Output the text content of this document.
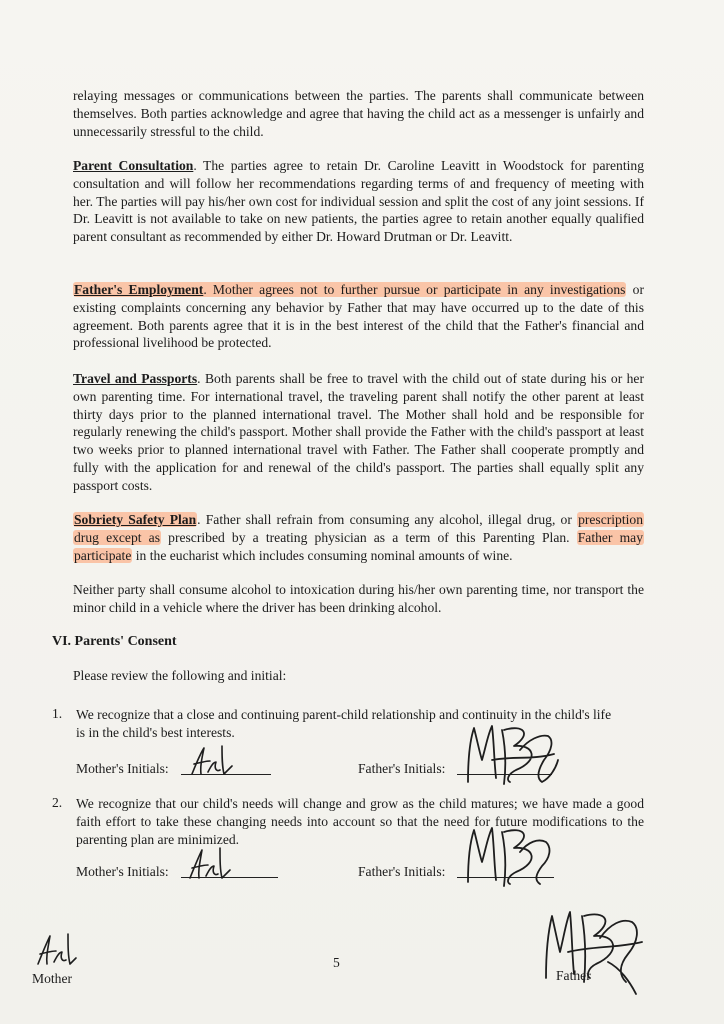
relaying messages or communications between the parties. The parents shall communicate between themselves. Both parties acknowledge and agree that having the child act as a messenger is unfairly and unnecessarily stressful to the child.
Parent Consultation. The parties agree to retain Dr. Caroline Leavitt in Woodstock for parenting consultation and will follow her recommendations regarding terms of and frequency of meeting with her. The parties will pay his/her own cost for individual session and split the cost of any joint sessions. If Dr. Leavitt is not available to take on new patients, the parties agree to retain another equally qualified parent consultant as recommended by either Dr. Howard Drutman or Dr. Leavitt.
Father's Employment. Mother agrees not to further pursue or participate in any investigations or existing complaints concerning any behavior by Father that may have occurred up to the date of this agreement. Both parents agree that it is in the best interest of the child that the Father's financial and professional livelihood be protected.
Travel and Passports. Both parents shall be free to travel with the child out of state during his or her own parenting time. For international travel, the traveling parent shall notify the other parent at least thirty days prior to the planned international travel. The Mother shall hold and be responsible for regularly renewing the child's passport. Mother shall provide the Father with the child's passport at least two weeks prior to planned international travel with Father. The Father shall cooperate promptly and fully with the application for and renewal of the child's passport. The parties shall equally split any passport costs.
Sobriety Safety Plan. Father shall refrain from consuming any alcohol, illegal drug, or prescription drug except as prescribed by a treating physician as a term of this Parenting Plan. Father may participate in the eucharist which includes consuming nominal amounts of wine.
Neither party shall consume alcohol to intoxication during his/her own parenting time, nor transport the minor child in a vehicle where the driver has been drinking alcohol.
VI. Parents' Consent
Please review the following and initial:
1. We recognize that a close and continuing parent-child relationship and continuity in the child's life is in the child's best interests.
Mother's Initials:	Father's Initials:
2. We recognize that our child's needs will change and grow as the child matures; we have made a good faith effort to take these changing needs into account so that the need for future modifications to the parenting plan are minimized.
Mother's Initials:	Father's Initials:
Mother
5
Father
